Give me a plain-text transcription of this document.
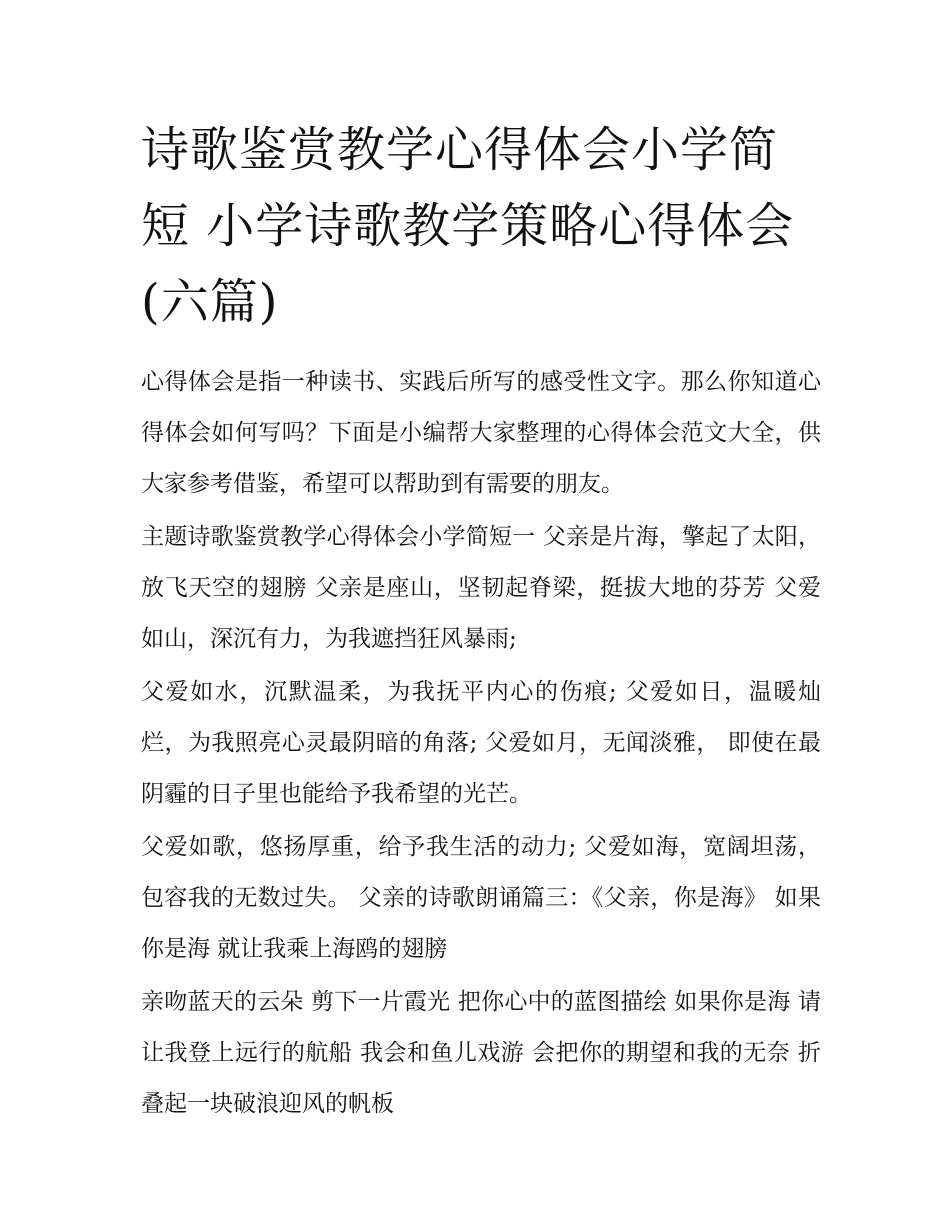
诗歌鉴赏教学心得体会小学简短 小学诗歌教学策略心得体会(六篇)

心得体会是指一种读书、实践后所写的感受性文字。那么你知道心得体会如何写吗？下面是小编帮大家整理的心得体会范文大全，供大家参考借鉴，希望可以帮助到有需要的朋友。

主题诗歌鉴赏教学心得体会小学简短一 父亲是片海，擎起了太阳，放飞天空的翅膀 父亲是座山，坚韧起脊梁，挺拔大地的芬芳 父爱如山，深沉有力，为我遮挡狂风暴雨;

父爱如水，沉默温柔，为我抚平内心的伤痕; 父爱如日，温暖灿烂，为我照亮心灵最阴暗的角落; 父爱如月，无闻淡雅， 即使在最阴霾的日子里也能给予我希望的光芒。

父爱如歌，悠扬厚重，给予我生活的动力; 父爱如海，宽阔坦荡，包容我的无数过失。 父亲的诗歌朗诵篇三：《父亲，你是海》 如果你是海 就让我乘上海鸥的翅膀

亲吻蓝天的云朵 剪下一片霞光 把你心中的蓝图描绘 如果你是海 请让我登上远行的航船 我会和鱼儿戏游 会把你的期望和我的无奈 折叠起一块破浪迎风的帆板
